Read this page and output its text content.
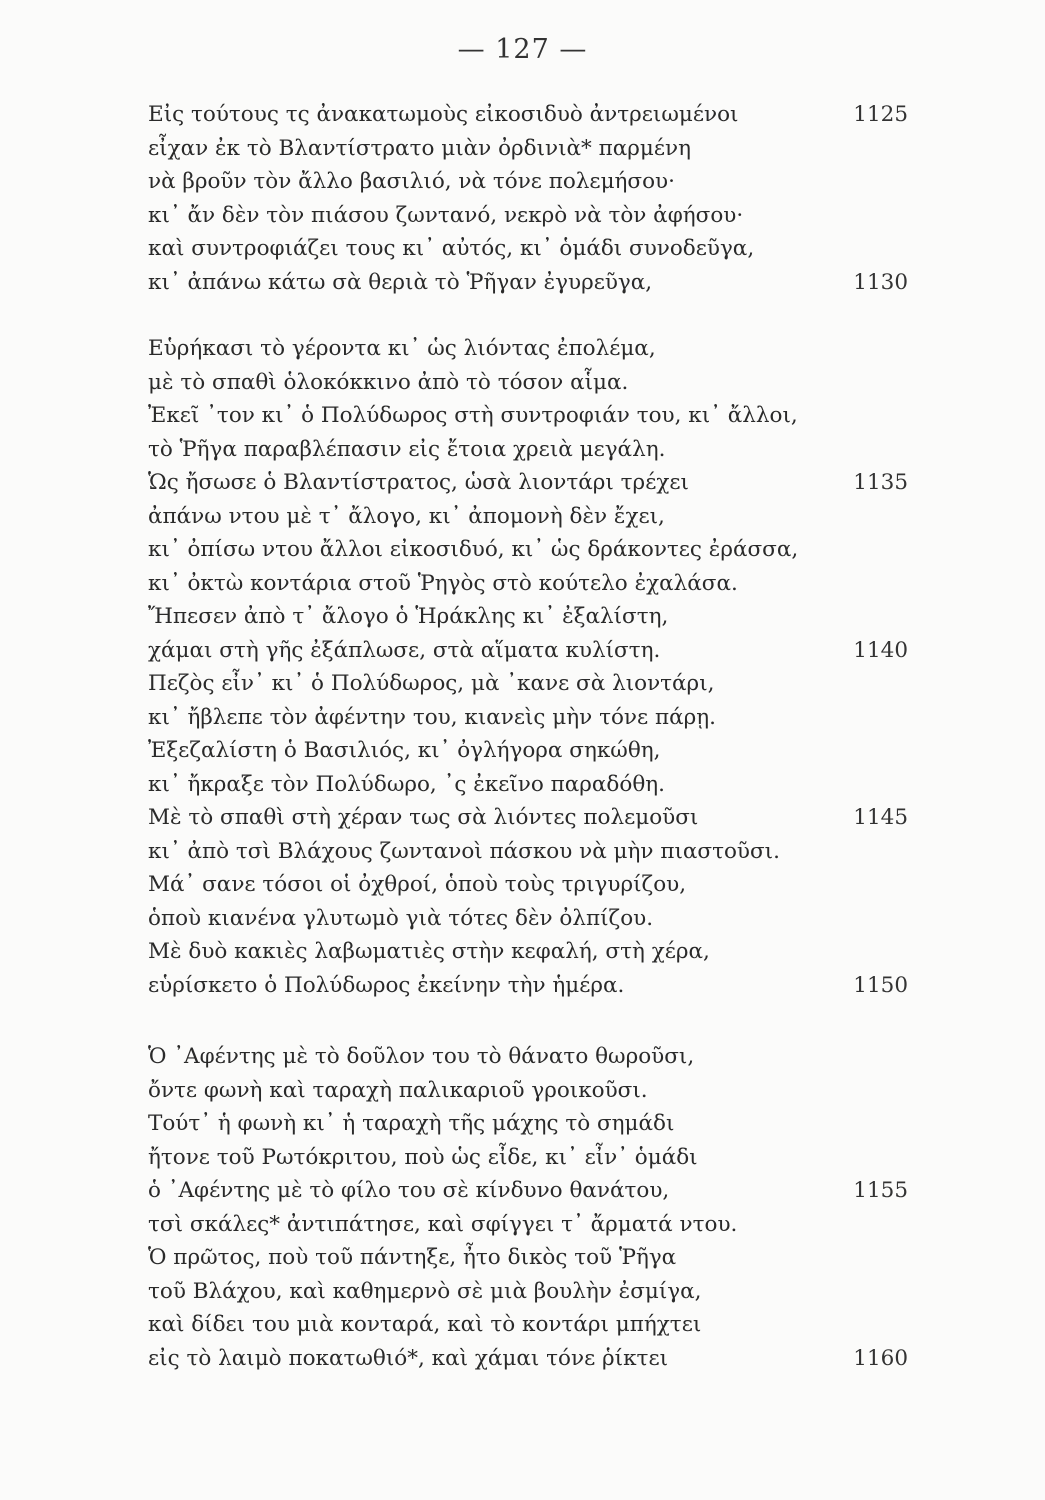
— 127 —
Εἰς τούτους τς ἀνακατωμοὺς εἰκοσιδυὸ ἀντρειωμένοι	1125
εἶχαν ἐκ τὸ Βλαντίστρατο μιὰν ὀρδινιὰ* παρμένη
νὰ βροῦν τὸν ἄλλο βασιλιό, νὰ τόνε πολεμήσου·
κι᾿ ἄν δὲν τὸν πιάσου ζωντανό, νεκρὸ νὰ τὸν ἀφήσου·
καὶ συντροφιάζει τους κι᾿ αὐτός, κι᾿ ὁμάδι συνοδεῦγα,
κι᾿ ἀπάνω κάτω σὰ θεριὰ τὸ Ῥῆγαν ἐγυρεῦγα,	1130
Εὑρήκασι τὸ γέροντα κι᾿ ὡς λιόντας ἐπολέμα,
μὲ τὸ σπαθὶ ὁλοκόκκινο ἀπὸ τὸ τόσον αἷμα.
Ἐκεῖ ᾿τον κι᾿ ὁ Πολύδωρος στὴ συντροφιάν του, κι᾿ ἄλλοι,
τὸ Ῥῆγα παραβλέπασιν εἰς ἔτοια χρειὰ μεγάλη.
Ὡς ἤσωσε ὁ Βλαντίστρατος, ὡσὰ λιοντάρι τρέχει	1135
ἀπάνω ντου μὲ τ᾿ ἄλογο, κι᾿ ἀπομονὴ δὲν ἔχει,
κι᾿ ὀπίσω ντου ἄλλοι εἰκοσιδυό, κι᾿ ὡς δράκοντες ἐράσσα,
κι᾿ ὀκτὼ κοντάρια στοῦ Ῥηγὸς στὸ κούτελο ἐχαλάσα.
Ἤπεσεν ἀπὸ τ᾿ ἄλογο ὁ Ἡράκλης κι᾿ ἐξαλίστη,
χάμαι στὴ γῆς ἐξάπλωσε, στὰ αἵματα κυλίστη.	1140
Πεζὸς εἶν᾿ κι᾿ ὁ Πολύδωρος, μὰ ᾿κανε σὰ λιοντάρι,
κι᾿ ἤβλεπε τὸν ἀφέντην του, κιανεὶς μὴν τόνε πάρῃ.
Ἐξεζαλίστη ὁ Βασιλιός, κι᾿ ὀγλήγορα σηκώθη,
κι᾿ ἤκραξε τὸν Πολύδωρο, ᾿ς ἐκεῖνο παραδόθη.
Μὲ τὸ σπαθὶ στὴ χέραν τως σὰ λιόντες πολεμοῦσι	1145
κι᾿ ἀπὸ τσὶ Βλάχους ζωντανοὶ πάσκου νὰ μὴν πιαστοῦσι.
Μά᾿ σανε τόσοι οἱ ὀχθροί, ὁποὺ τοὺς τριγυρίζου,
ὁποὺ κιανένα γλυτωμὸ γιὰ τότες δὲν ὀλπίζου.
Μὲ δυὸ κακιὲς λαβωματιὲς στὴν κεφαλή, στὴ χέρα,
εὑρίσκετο ὁ Πολύδωρος ἐκείνην τὴν ἡμέρα.	1150
Ὁ ᾿Αφέντης μὲ τὸ δοῦλον του τὸ θάνατο θωροῦσι,
ὄντε φωνὴ καὶ ταραχὴ παλικαριοῦ γροικοῦσι.
Τούτ᾿ ἡ φωνὴ κι᾿ ἡ ταραχὴ τῆς μάχης τὸ σημάδι
ἤτονε τοῦ Ρωτόκριτου, ποὺ ὡς εἶδε, κι᾿ εἶν᾿ ὁμάδι
ὁ ᾿Αφέντης μὲ τὸ φίλο του σὲ κίνδυνο θανάτου,	1155
τσὶ σκάλες* ἀντιπάτησε, καὶ σφίγγει τ᾿ ἄρματά ντου.
Ὁ πρῶτος, ποὺ τοῦ πάντηξε, ἦτο δικὸς τοῦ Ῥῆγα
τοῦ Βλάχου, καὶ καθημερνὸ σὲ μιὰ βουλὴν ἐσμίγα,
καὶ δίδει του μιὰ κονταρά, καὶ τὸ κοντάρι μπήχτει
εἰς τὸ λαιμὸ ποκατωθιό*, καὶ χάμαι τόνε ῥίκτει	1160
